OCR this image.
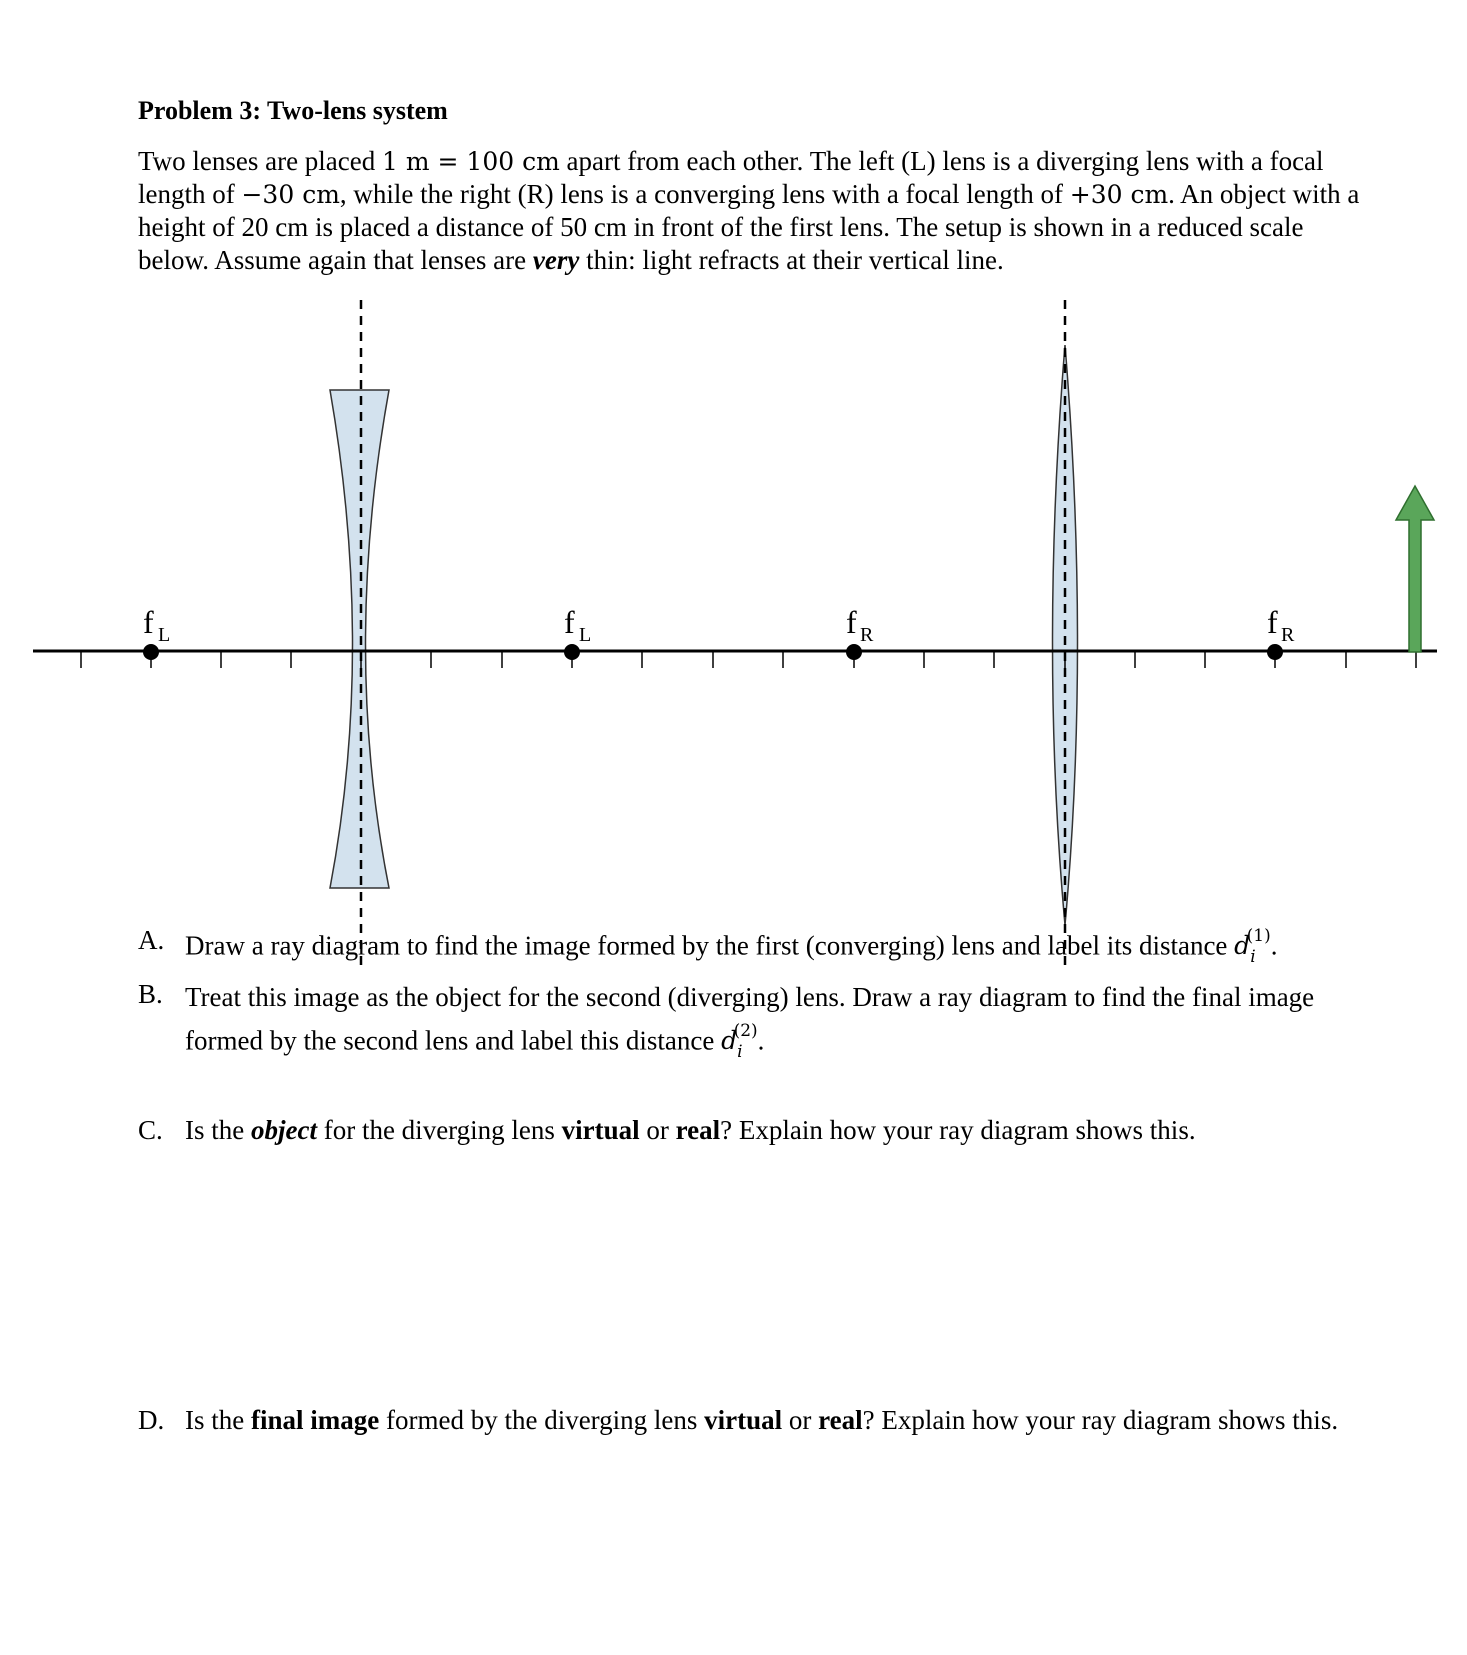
Problem 3: Two-lens system

Two lenses are placed 1 m = 100 cm apart from each other. The left (L) lens is a diverging lens with a focal length of −30 cm, while the right (R) lens is a converging lens with a focal length of +30 cm. An object with a height of 20 cm is placed a distance of 50 cm in front of the first lens. The setup is shown in a reduced scale below. Assume again that lenses are very thin: light refracts at their vertical line.

f L	f L	f R	f R
A. Draw a ray diagram to find the image formed by the first (converging) lens and label its distance $d_i^{(1)}$.
B. Treat this image as the object for the second (diverging) lens. Draw a ray diagram to find the final image formed by the second lens and label this distance $d_i^{(2)}$.
C. Is the object for the diverging lens virtual or real? Explain how your ray diagram shows this.
D. Is the final image formed by the diverging lens virtual or real? Explain how your ray diagram shows this.
